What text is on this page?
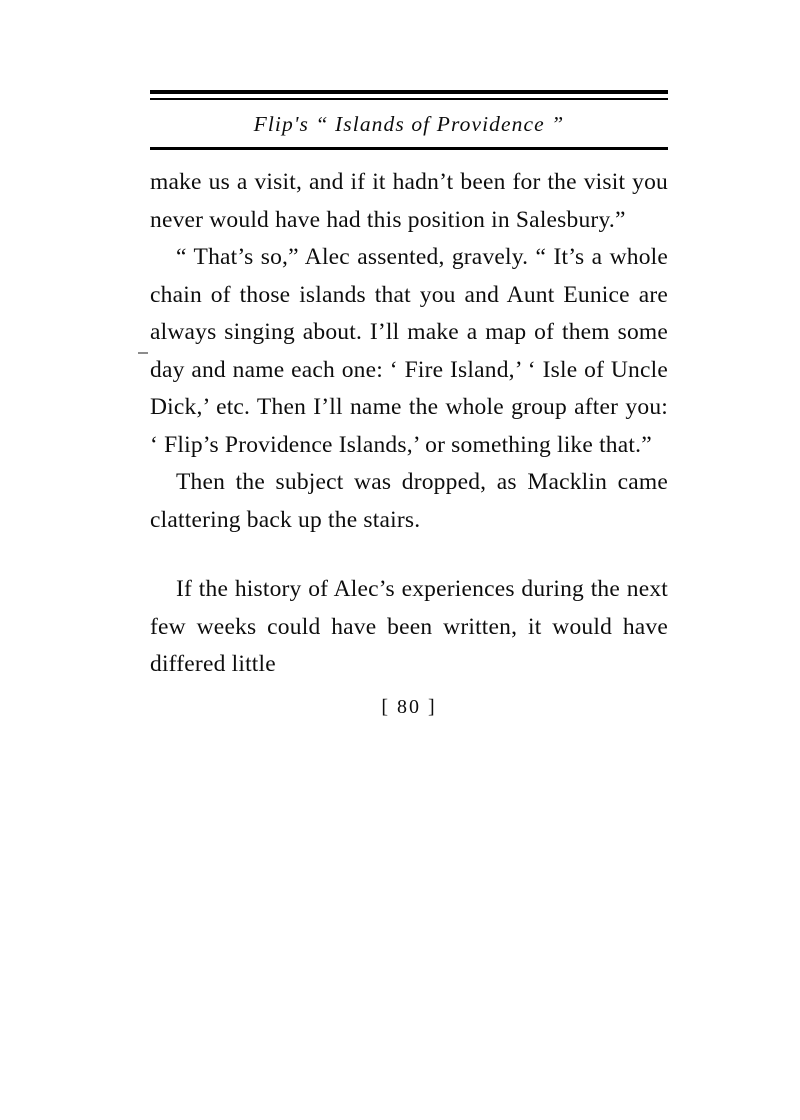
Flip's “ Islands of Providence ”

make us a visit, and if it hadn’t been for the visit you never would have had this position in Salesbury.”

“ That’s so,” Alec assented, gravely. “ It’s a whole chain of those islands that you and Aunt Eunice are always singing about. I’ll make a map of them some day and name each one: ‘ Fire Island,’ ‘ Isle of Uncle Dick,’ etc. Then I’ll name the whole group after you: ‘ Flip’s Providence Islands,’ or something like that.”

Then the subject was dropped, as Macklin came clattering back up the stairs.

If the history of Alec’s experiences during the next few weeks could have been written, it would have differed little

[ 80 ]
